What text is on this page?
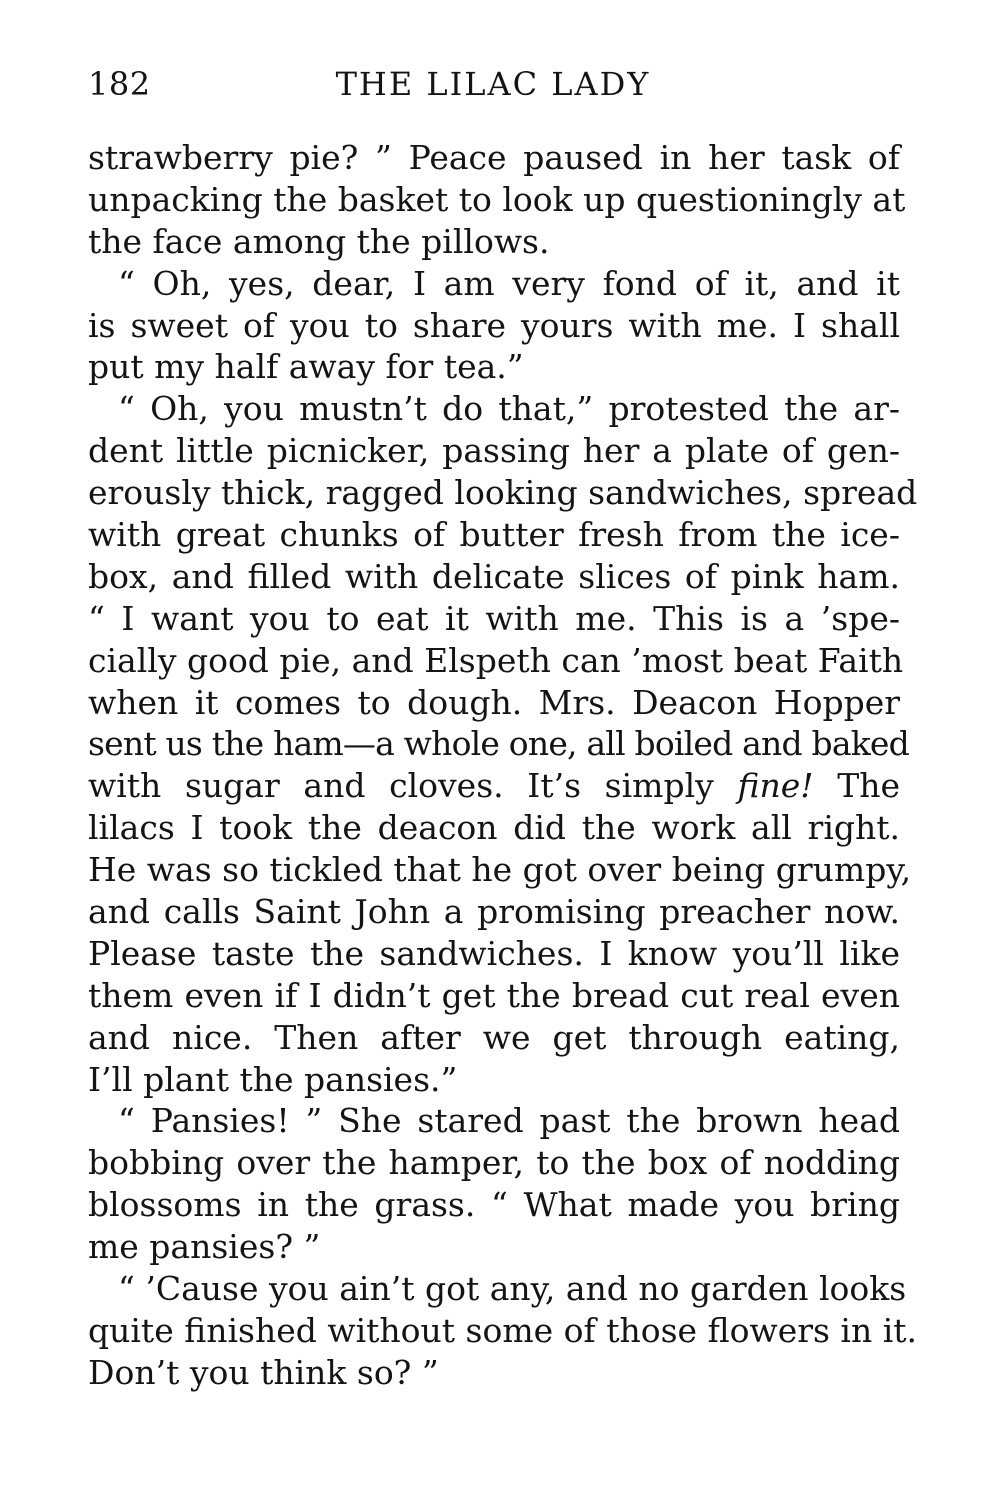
182	THE LILAC LADY
strawberry pie? ” Peace paused in her task of
unpacking the basket to look up questioningly at
the face among the pillows.
“ Oh, yes, dear, I am very fond of it, and it
is sweet of you to share yours with me. I shall
put my half away for tea.”
“ Oh, you mustn’t do that,” protested the ar-
dent little picnicker, passing her a plate of gen-
erously thick, ragged looking sandwiches, spread
with great chunks of butter fresh from the ice-
box, and filled with delicate slices of pink ham.
“ I want you to eat it with me. This is a ’spe-
cially good pie, and Elspeth can ’most beat Faith
when it comes to dough. Mrs. Deacon Hopper
sent us the ham—a whole one, all boiled and baked
with sugar and cloves. It’s simply fine! The
lilacs I took the deacon did the work all right.
He was so tickled that he got over being grumpy,
and calls Saint John a promising preacher now.
Please taste the sandwiches. I know you’ll like
them even if I didn’t get the bread cut real even
and nice. Then after we get through eating,
I’ll plant the pansies.”
“ Pansies! ” She stared past the brown head
bobbing over the hamper, to the box of nodding
blossoms in the grass. “ What made you bring
me pansies? ”
“ ’Cause you ain’t got any, and no garden looks
quite finished without some of those flowers in it.
Don’t you think so? ”
